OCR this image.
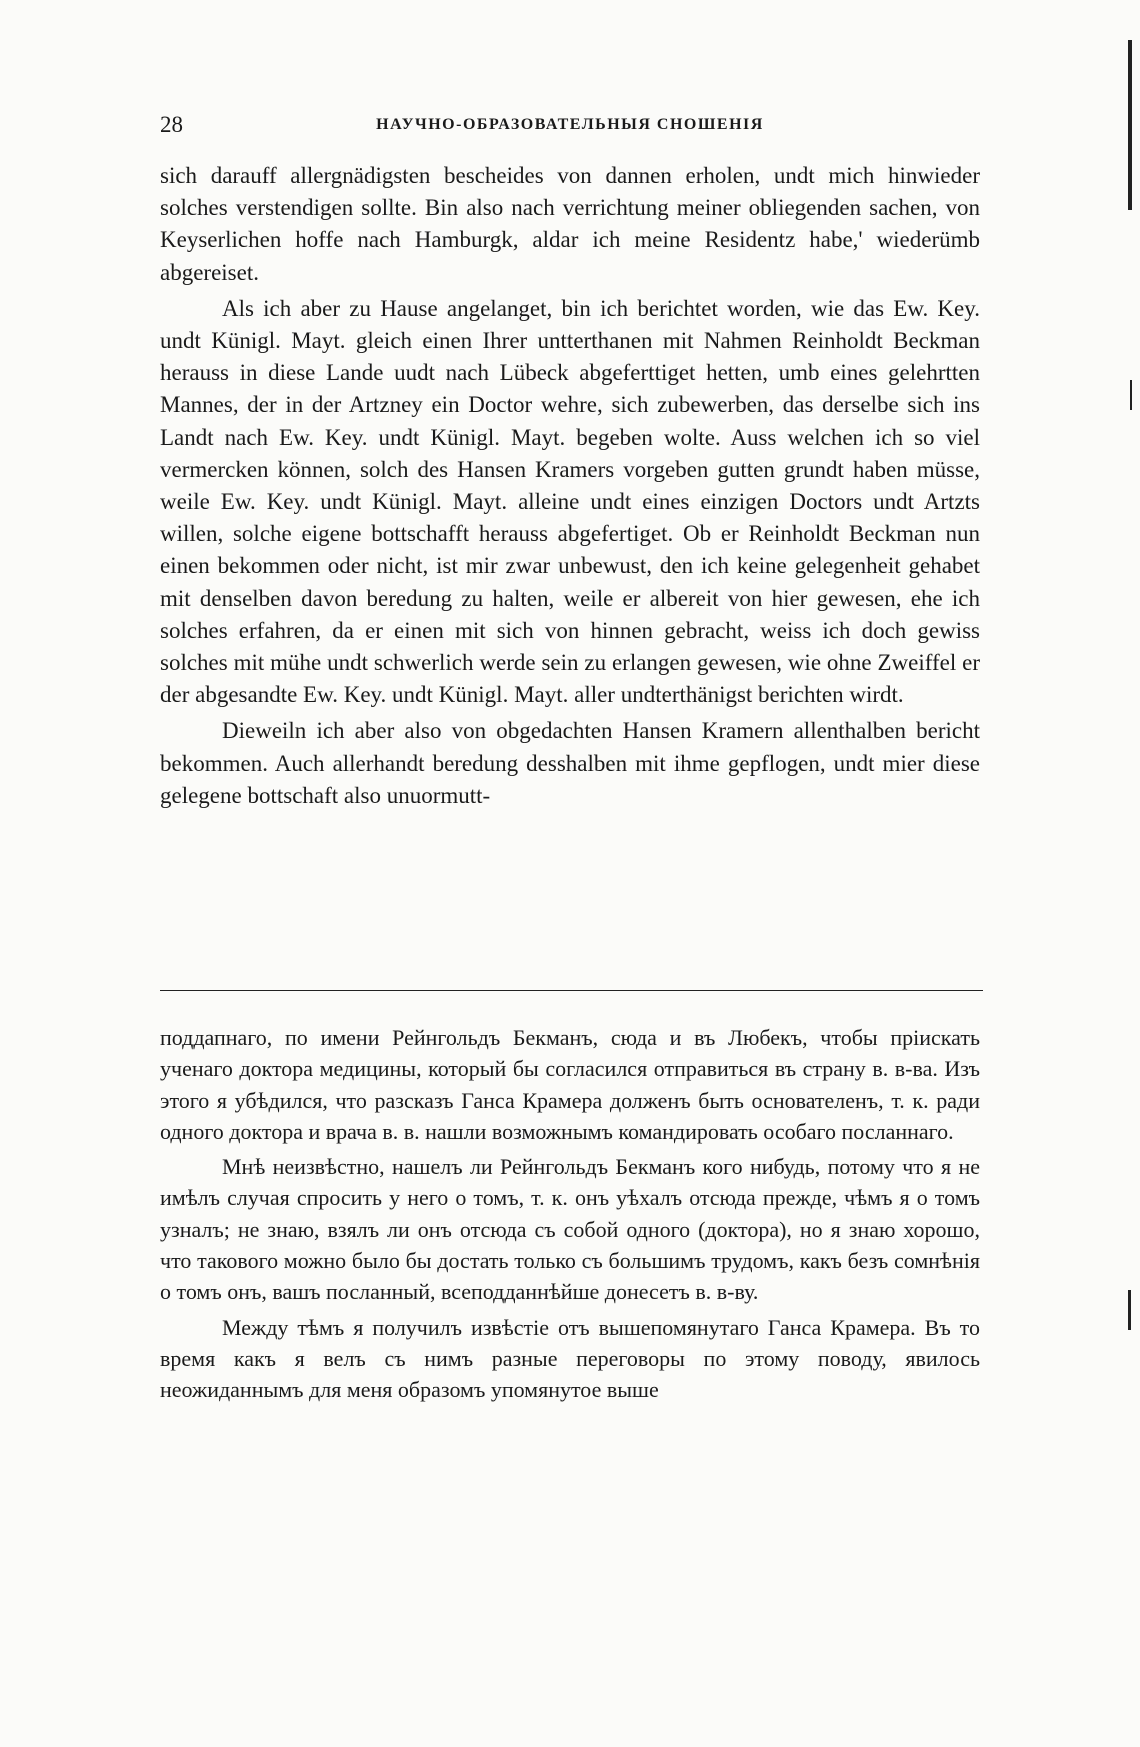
28	НАУЧНО-ОБРАЗОВАТЕЛЬНЫЯ СНОШЕНІЯ

sich darauff allergnädigsten bescheides von dannen erholen, undt mich hinwieder solches verstendigen sollte. Bin also nach verrichtung meiner obliegenden sachen, von Keyserlichen hoffe nach Hamburgk, aldar ich meine Residentz habe,' wiederümb abgereiset.

Als ich aber zu Hause angelanget, bin ich berichtet worden, wie das Ew. Key. undt Künigl. Mayt. gleich einen Ihrer untterthanen mit Nahmen Reinholdt Beckman herauss in diese Lande uudt nach Lübeck abgeferttiget hetten, umb eines gelehrtten Mannes, der in der Artzney ein Doctor wehre, sich zubewerben, das derselbe sich ins Landt nach Ew. Key. undt Künigl. Mayt. begeben wolte. Auss welchen ich so viel vermercken können, solch des Hansen Kramers vorgeben gutten grundt haben müsse, weile Ew. Key. undt Künigl. Mayt. alleine undt eines einzigen Doctors undt Artzts willen, solche eigene bottschafft herauss abgefertiget. Ob er Reinholdt Beckman nun einen bekommen oder nicht, ist mir zwar unbewust, den ich keine gelegenheit gehabet mit denselben davon beredung zu halten, weile er albereit von hier gewesen, ehe ich solches erfahren, da er einen mit sich von hinnen gebracht, weiss ich doch gewiss solches mit mühe undt schwerlich werde sein zu erlangen gewesen, wie ohne Zweiffel er der abgesandte Ew. Key. undt Künigl. Mayt. aller undterthänigst berichten wirdt.

Dieweiln ich aber also von obgedachten Hansen Kramern allenthalben bericht bekommen. Auch allerhandt beredung desshalben mit ihme gepflogen, undt mier diese gelegene bottschaft also unuormutt-

поддапнаго, по имени Рейнгольдъ Бекманъ, сюда и въ Любекъ, чтобы пріискать ученаго доктора медицины, который бы согласился отправиться въ страну в. в-ва. Изъ этого я убѣдился, что разсказъ Ганса Крамера долженъ быть основателенъ, т. к. ради одного доктора и врача в. в. нашли возможнымъ командировать особаго посланнаго.

Мнѣ неизвѣстно, нашелъ ли Рейнгольдъ Бекманъ кого нибудь, потому что я не имѣлъ случая спросить у него о томъ, т. к. онъ уѣхалъ отсюда прежде, чѣмъ я о томъ узналъ; не знаю, взялъ ли онъ отсюда съ собой одного (доктора), но я знаю хорошо, что такового можно было бы достать только съ большимъ трудомъ, какъ безъ сомнѣнія о томъ онъ, вашъ посланный, всеподданнѣйше донесетъ в. в-ву.

Между тѣмъ я получилъ извѣстіе отъ вышепомянутаго Ганса Крамера. Въ то время какъ я велъ съ нимъ разные переговоры по этому поводу, явилось неожиданнымъ для меня образомъ упомянутое выше
